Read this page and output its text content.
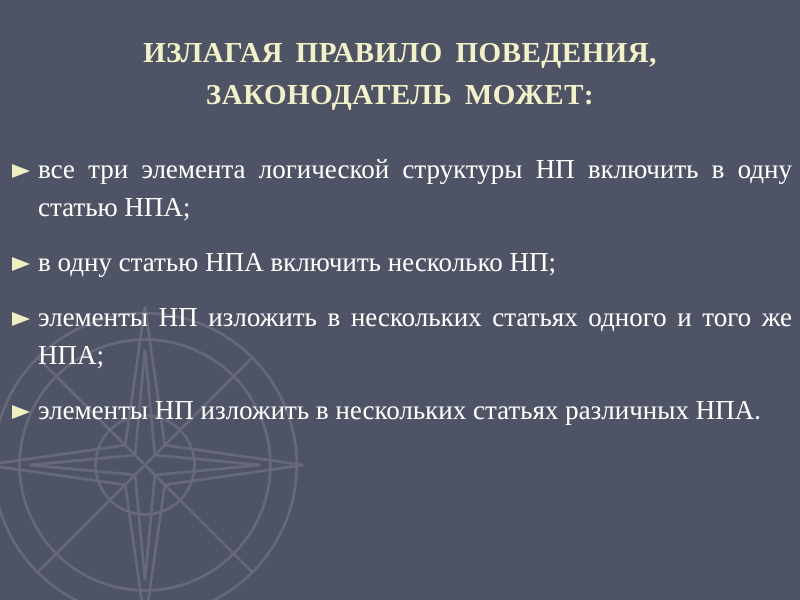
ИЗЛАГАЯ ПРАВИЛО ПОВЕДЕНИЯ,
ЗАКОНОДАТЕЛЬ МОЖЕТ:
все три элемента логической структуры НП включить в одну статью НПА;
в одну статью НПА включить несколько НП;
элементы НП изложить в нескольких статьях одного и того же НПА;
элементы НП изложить в нескольких статьях различных НПА.
